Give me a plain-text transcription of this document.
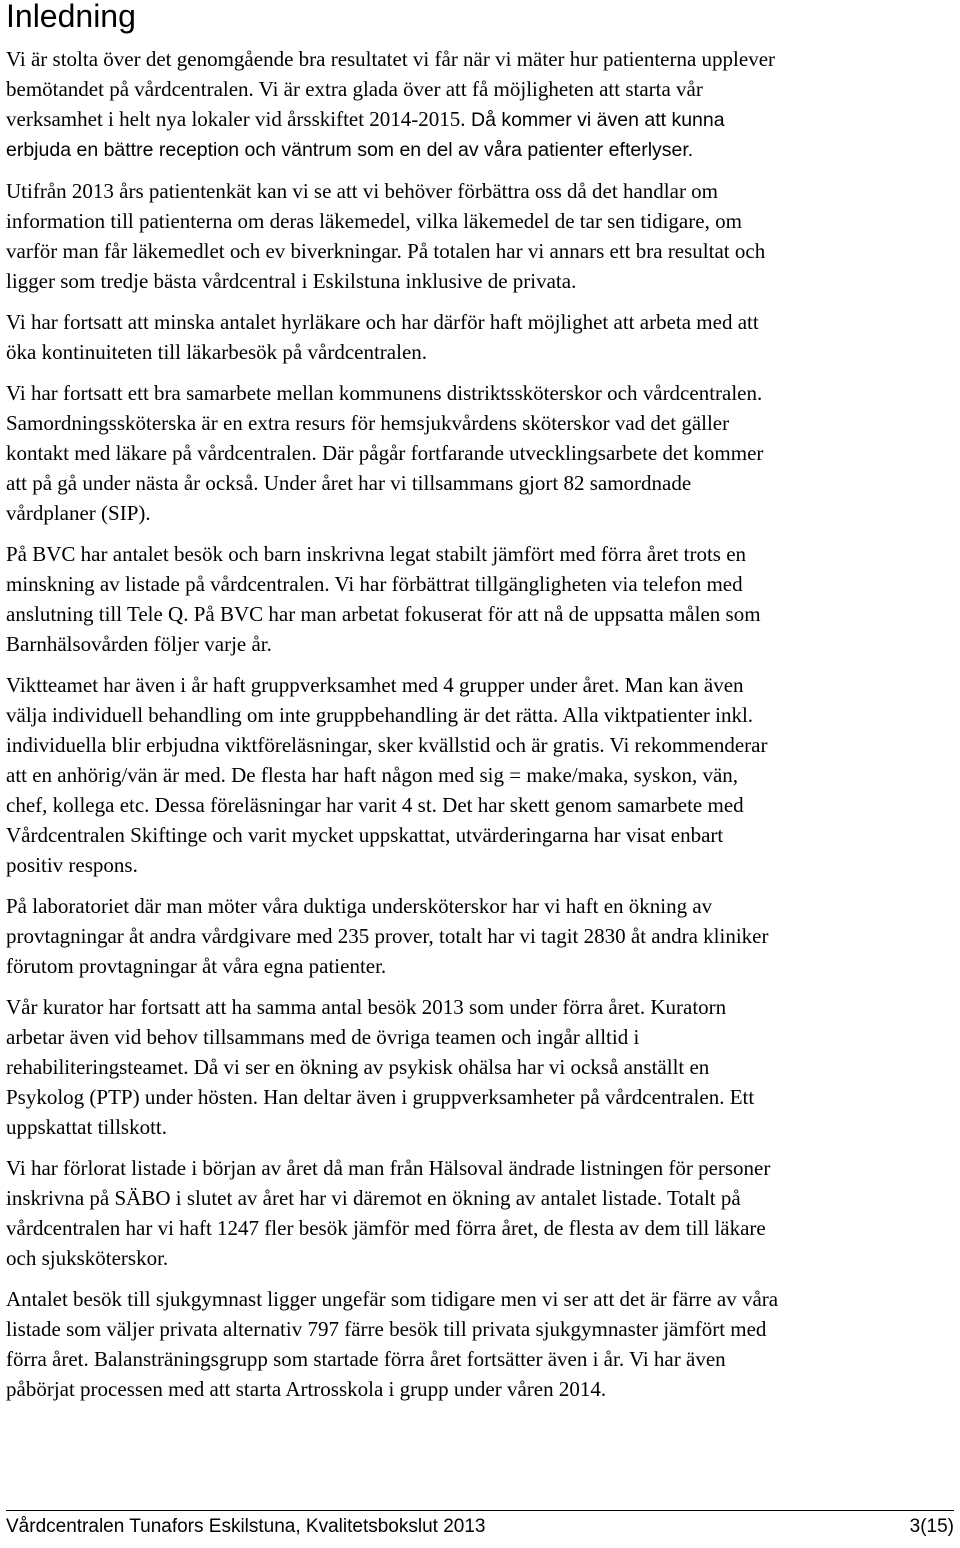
Inledning

Vi är stolta över det genomgående bra resultatet vi får när vi mäter hur patienterna upplever
bemötandet på vårdcentralen. Vi är extra glada över att få möjligheten att starta vår
verksamhet i helt nya lokaler vid årsskiftet 2014-2015. Då kommer vi även att kunna
erbjuda en bättre reception och väntrum som en del av våra patienter efterlyser.

Utifrån 2013 års patientenkät kan vi se att vi behöver förbättra oss då det handlar om
information till patienterna om deras läkemedel, vilka läkemedel de tar sen tidigare, om
varför man får läkemedlet och ev biverkningar. På totalen har vi annars ett bra resultat och
ligger som tredje bästa vårdcentral i Eskilstuna inklusive de privata.

Vi har fortsatt att minska antalet hyrläkare och har därför haft möjlighet att arbeta med att
öka kontinuiteten till läkarbesök på vårdcentralen.

Vi har fortsatt ett bra samarbete mellan kommunens distriktssköterskor och vårdcentralen.
Samordningssköterska är en extra resurs för hemsjukvårdens sköterskor vad det gäller
kontakt med läkare på vårdcentralen. Där pågår fortfarande utvecklingsarbete det kommer
att på gå under nästa år också. Under året har vi tillsammans gjort 82 samordnade
vårdplaner (SIP).

På BVC har antalet besök och barn inskrivna legat stabilt jämfört med förra året trots en
minskning av listade på vårdcentralen. Vi har förbättrat tillgängligheten via telefon med
anslutning till Tele Q. På BVC har man arbetat fokuserat för att nå de uppsatta målen som
Barnhälsovården följer varje år.

Viktteamet har även i år haft gruppverksamhet med 4 grupper under året. Man kan även
välja individuell behandling om inte gruppbehandling är det rätta. Alla viktpatienter inkl.
individuella blir erbjudna viktföreläsningar, sker kvällstid och är gratis. Vi rekommenderar
att en anhörig/vän är med. De flesta har haft någon med sig = make/maka, syskon, vän,
chef, kollega etc. Dessa föreläsningar har varit 4 st. Det har skett genom samarbete med
Vårdcentralen Skiftinge och varit mycket uppskattat, utvärderingarna har visat enbart
positiv respons.

På laboratoriet där man möter våra duktiga undersköterskor har vi haft en ökning av
provtagningar åt andra vårdgivare med 235 prover, totalt har vi tagit 2830 åt andra kliniker
förutom provtagningar åt våra egna patienter.

Vår kurator har fortsatt att ha samma antal besök 2013 som under förra året. Kuratorn
arbetar även vid behov tillsammans med de övriga teamen och ingår alltid i
rehabiliteringsteamet. Då vi ser en ökning av psykisk ohälsa har vi också anställt en
Psykolog (PTP) under hösten. Han deltar även i gruppverksamheter på vårdcentralen. Ett
uppskattat tillskott.

Vi har förlorat listade i början av året då man från Hälsoval ändrade listningen för personer
inskrivna på SÄBO i slutet av året har vi däremot en ökning av antalet listade. Totalt på
vårdcentralen har vi haft 1247 fler besök jämför med förra året, de flesta av dem till läkare
och sjuksköterskor.

Antalet besök till sjukgymnast ligger ungefär som tidigare men vi ser att det är färre av våra
listade som väljer privata alternativ 797 färre besök till privata sjukgymnaster jämfört med
förra året. Balansträningsgrupp som startade förra året fortsätter även i år. Vi har även
påbörjat processen med att starta Artrosskola i grupp under våren 2014.

Vårdcentralen Tunafors Eskilstuna, Kvalitetsbokslut 2013	3(15)
